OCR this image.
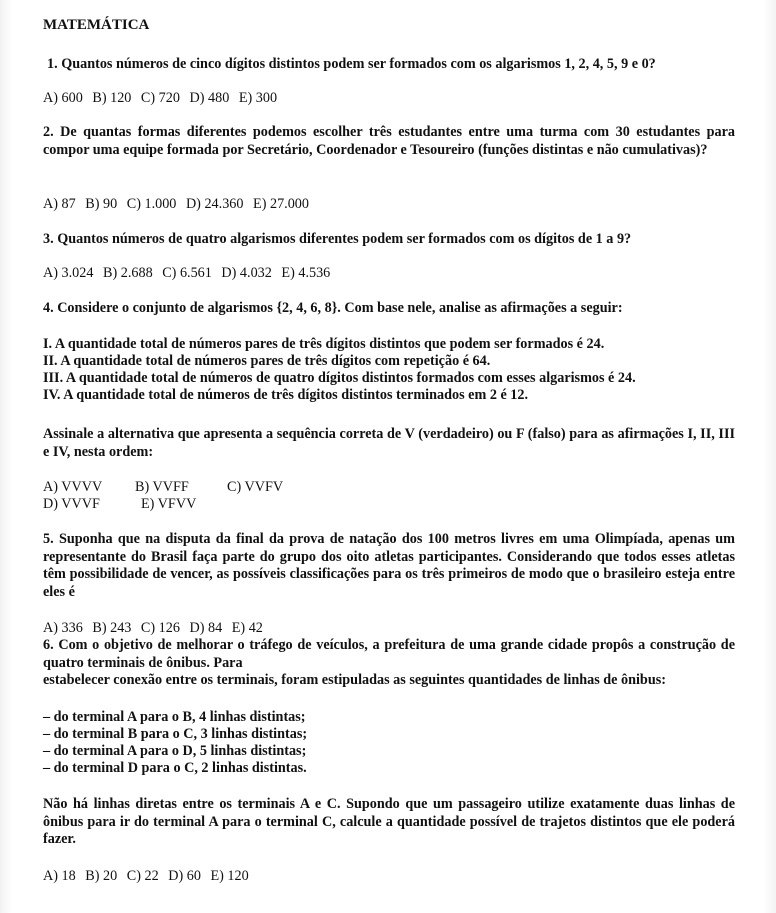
MATEMÁTICA
1. Quantos números de cinco dígitos distintos podem ser formados com os algarismos 1, 2, 4, 5, 9 e 0?
A) 600 B) 120 C) 720 D) 480 E) 300
2. De quantas formas diferentes podemos escolher três estudantes entre uma turma com 30 estudantes para compor uma equipe formada por Secretário, Coordenador e Tesoureiro (funções distintas e não cumulativas)?
A) 87 B) 90 C) 1.000 D) 24.360 E) 27.000
3. Quantos números de quatro algarismos diferentes podem ser formados com os dígitos de 1 a 9?
A) 3.024 B) 2.688 C) 6.561 D) 4.032 E) 4.536
4. Considere o conjunto de algarismos {2, 4, 6, 8}. Com base nele, analise as afirmações a seguir:
I. A quantidade total de números pares de três dígitos distintos que podem ser formados é 24.
II. A quantidade total de números pares de três dígitos com repetição é 64.
III. A quantidade total de números de quatro dígitos distintos formados com esses algarismos é 24.
IV. A quantidade total de números de três dígitos distintos terminados em 2 é 12.
Assinale a alternativa que apresenta a sequência correta de V (verdadeiro) ou F (falso) para as afirmações I, II, III e IV, nesta ordem:
A) VVVV B) VVFF	C) VVFV
D) VVVF	E) VFVV
5. Suponha que na disputa da final da prova de natação dos 100 metros livres em uma Olimpíada, apenas um representante do Brasil faça parte do grupo dos oito atletas participantes. Considerando que todos esses atletas têm possibilidade de vencer, as possíveis classificações para os três primeiros de modo que o brasileiro esteja entre eles é
A) 336 B) 243 C) 126 D) 84 E) 42
6. Com o objetivo de melhorar o tráfego de veículos, a prefeitura de uma grande cidade propôs a construção de quatro terminais de ônibus. Para
estabelecer conexão entre os terminais, foram estipuladas as seguintes quantidades de linhas de ônibus:
– do terminal A para o B, 4 linhas distintas;
– do terminal B para o C, 3 linhas distintas;
– do terminal A para o D, 5 linhas distintas;
– do terminal D para o C, 2 linhas distintas.
Não há linhas diretas entre os terminais A e C. Supondo que um passageiro utilize exatamente duas linhas de ônibus para ir do terminal A para o terminal C, calcule a quantidade possível de trajetos distintos que ele poderá fazer.
A) 18 B) 20 C) 22 D) 60 E) 120
